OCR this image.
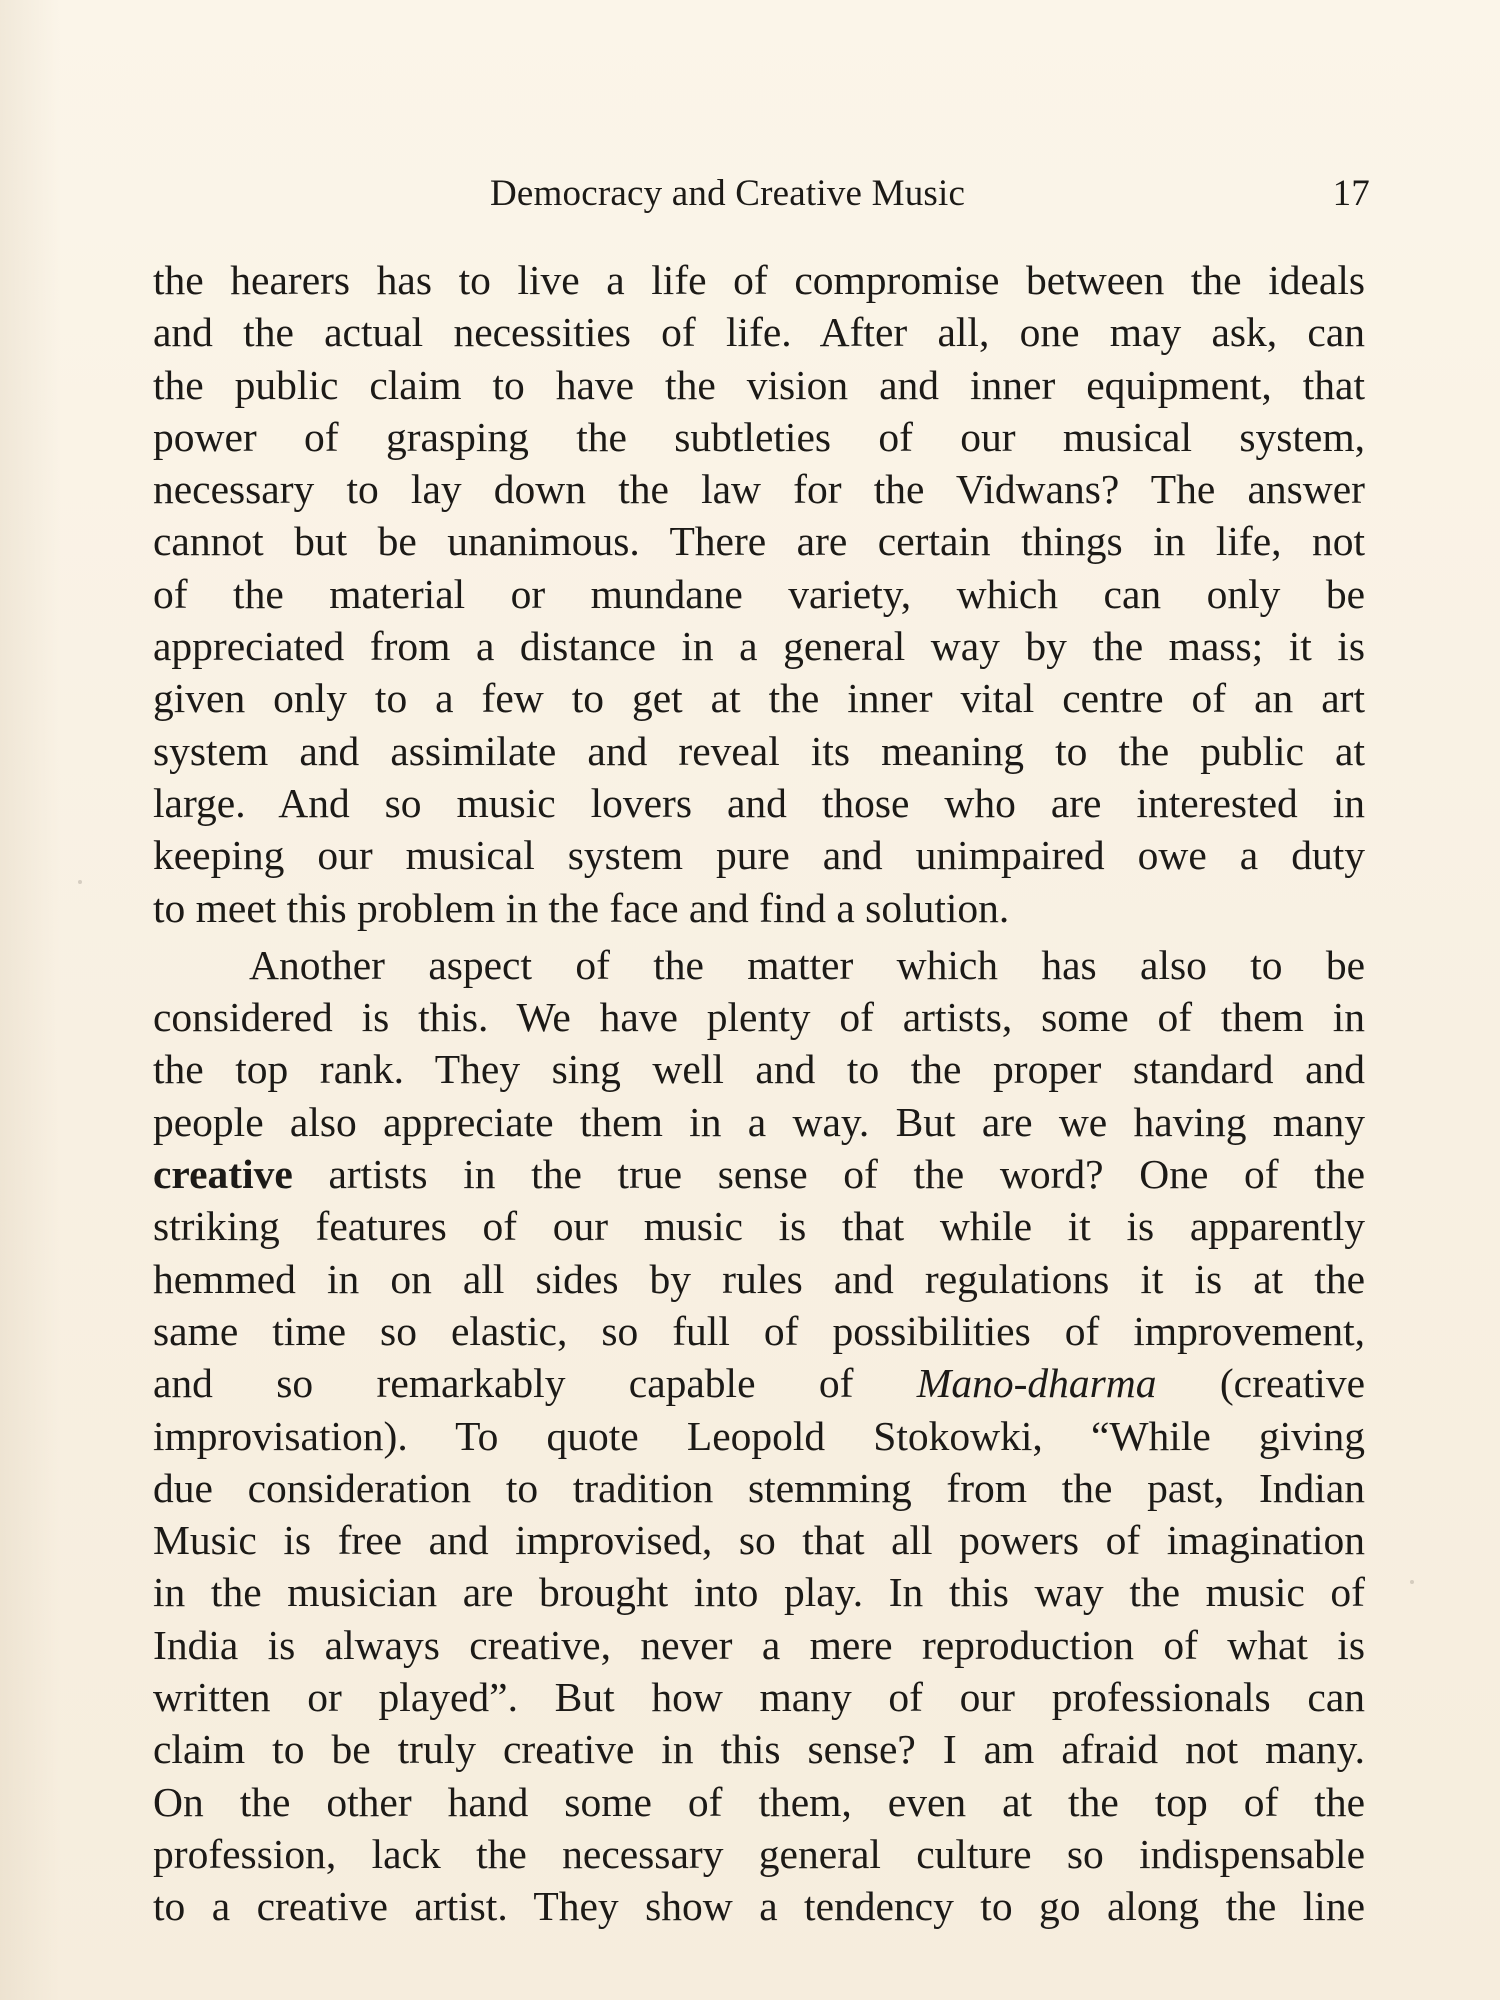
Democracy and Creative Music	17
the hearers has to live a life of compromise between the ideals
and the actual necessities of life. After all, one may ask, can
the public claim to have the vision and inner equipment, that
power of grasping the subtleties of our musical system,
necessary to lay down the law for the Vidwans? The answer
cannot but be unanimous. There are certain things in life, not
of the material or mundane variety, which can only be
appreciated from a distance in a general way by the mass; it is
given only to a few to get at the inner vital centre of an art
system and assimilate and reveal its meaning to the public at
large. And so music lovers and those who are interested in
keeping our musical system pure and unimpaired owe a duty
to meet this problem in the face and find a solution.
Another aspect of the matter which has also to be
considered is this. We have plenty of artists, some of them in
the top rank. They sing well and to the proper standard and
people also appreciate them in a way. But are we having many
creative artists in the true sense of the word? One of the
striking features of our music is that while it is apparently
hemmed in on all sides by rules and regulations it is at the
same time so elastic, so full of possibilities of improvement,
and so remarkably capable of Mano-dharma (creative
improvisation). To quote Leopold Stokowki, “While giving
due consideration to tradition stemming from the past, Indian
Music is free and improvised, so that all powers of imagination
in the musician are brought into play. In this way the music of
India is always creative, never a mere reproduction of what is
written or played”. But how many of our professionals can
claim to be truly creative in this sense? I am afraid not many.
On the other hand some of them, even at the top of the
profession, lack the necessary general culture so indispensable
to a creative artist. They show a tendency to go along the line
